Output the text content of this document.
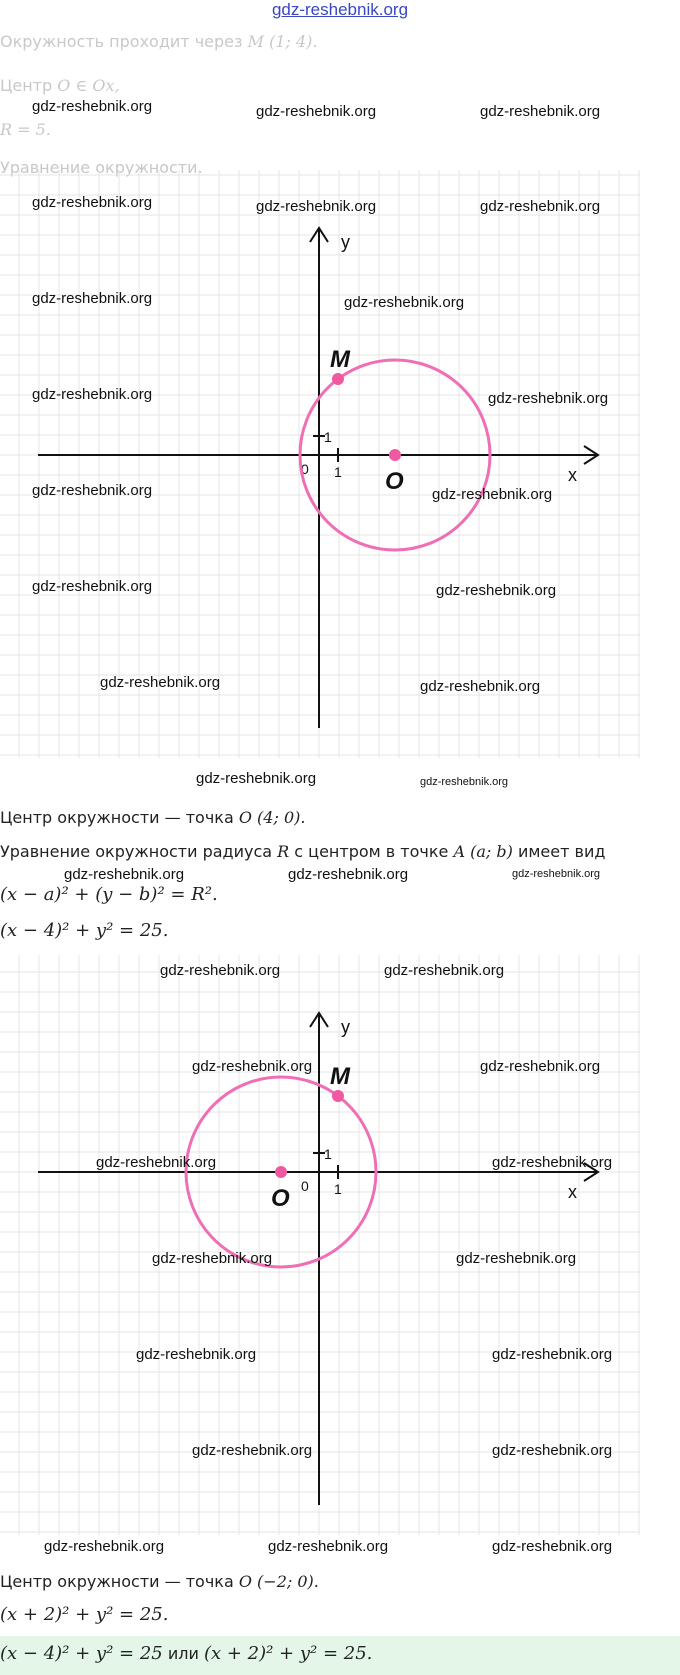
gdz-reshebnik.org
Окружность проходит через M (1; 4).
Центр O ∈ Ox,
R = 5.
Уравнение окружности.
y
x
0 1
1
O
M
Центр окружности — точка O (4; 0).
Уравнение окружности радиуса R с центром в точке A (a; b) имеет вид
(x − a)² + (y − b)² = R².
(x − 4)² + y² = 25.
y
x
0 1
1
O
M
Центр окружности — точка O (−2; 0).
(x + 2)² + y² = 25.
(x − 4)² + y² = 25 или (x + 2)² + y² = 25.
gdz-reshebnik.org	gdz-reshebnik.org	gdz-reshebnik.org
gdz-reshebnik.org	gdz-reshebnik.org	gdz-reshebnik.org
gdz-reshebnik.org	gdz-reshebnik.org
gdz-reshebnik.org	gdz-reshebnik.org
gdz-reshebnik.org	gdz-reshebnik.org
gdz-reshebnik.org	gdz-reshebnik.org
gdz-reshebnik.org	gdz-reshebnik.org
gdz-reshebnik.org	gdz-reshebnik.org
gdz-reshebnik.org	gdz-reshebnik.org	gdz-reshebnik.org
gdz-reshebnik.org	gdz-reshebnik.org
gdz-reshebnik.org	gdz-reshebnik.org
gdz-reshebnik.org	gdz-reshebnik.org
gdz-reshebnik.org	gdz-reshebnik.org
gdz-reshebnik.org	gdz-reshebnik.org
gdz-reshebnik.org	gdz-reshebnik.org
gdz-reshebnik.org	gdz-reshebnik.org	gdz-reshebnik.org
